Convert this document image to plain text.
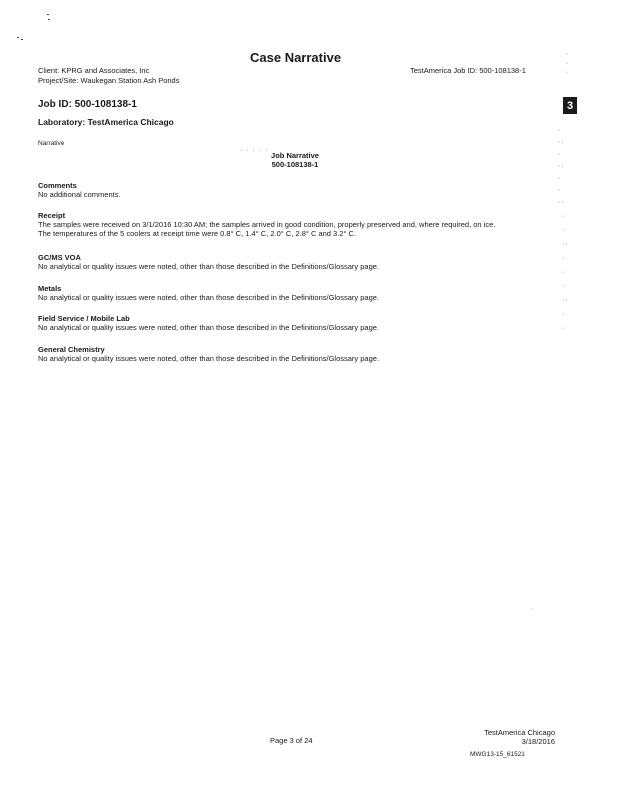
Case Narrative
Client: KPRG and Associates, Inc
Project/Site: Waukegan Station Ash Ponds
TestAmerica Job ID: 500-108138-1
3
Job ID: 500-108138-1
Laboratory: TestAmerica Chicago
Narrative
Job Narrative
500-108138-1
Comments
No additional comments.
Receipt
The samples were received on 3/1/2016 10:30 AM; the samples arrived in good condition, properly preserved and, where required, on ice.
The temperatures of the 5 coolers at receipt time were 0.8° C, 1.4° C, 2.0° C, 2.8° C and 3.2° C.
GC/MS VOA
No analytical or quality issues were noted, other than those described in the Definitions/Glossary page.
Metals
No analytical or quality issues were noted, other than those described in the Definitions/Glossary page.
Field Service / Mobile Lab
No analytical or quality issues were noted, other than those described in the Definitions/Glossary page.
General Chemistry
No analytical or quality issues were noted, other than those described in the Definitions/Glossary page.
Page 3 of 24
TestAmerica Chicago
3/18/2016
MWG13-15_61521
·
·
·
·
··
·
··
·
·
··
·
·
··
·
·
·
··
·
·
· · · · ·
·
